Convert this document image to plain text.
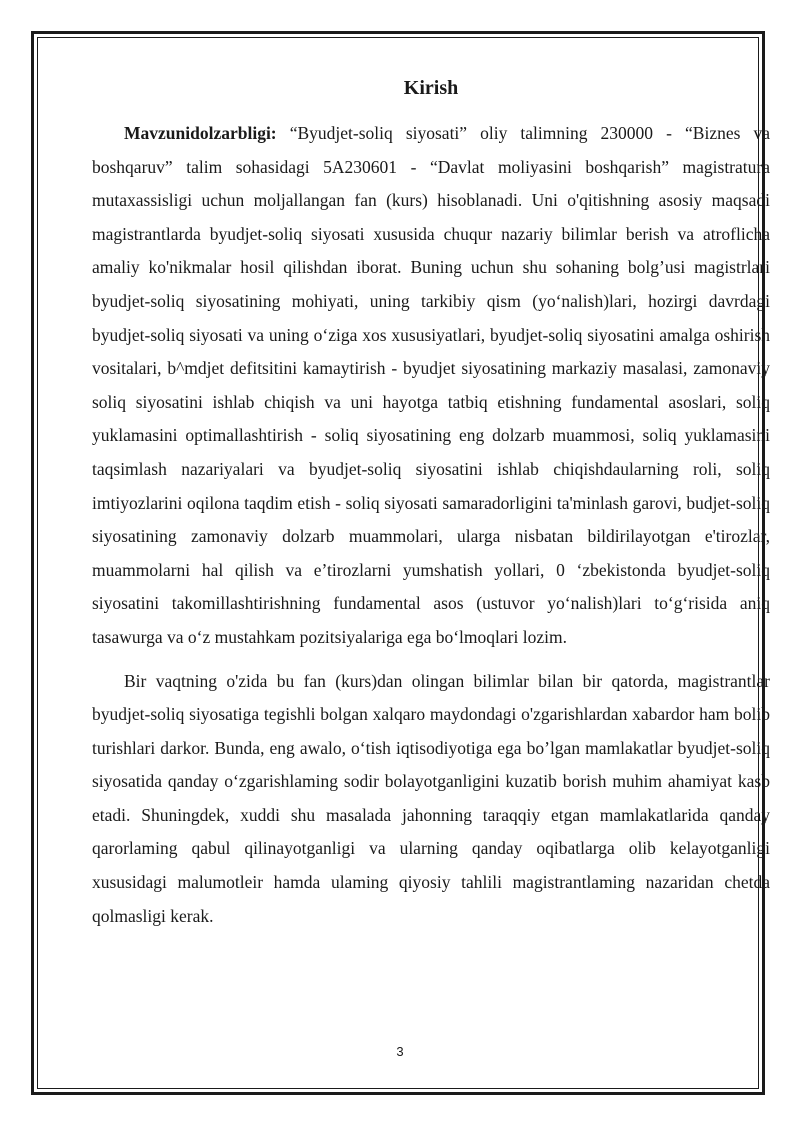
Kirish

Mavzunidolzarbligi: “Byudjet-soliq siyosati” oliy talimning 230000 - “Biznes va boshqaruv” talim sohasidagi 5A230601 - “Davlat moliyasini boshqarish” magistratura mutaxassisligi uchun moljallangan fan (kurs) hisoblanadi. Uni o'qitishning asosiy maqsadi magistrantlarda byudjet-soliq siyosati xususida chuqur nazariy bilimlar berish va atroflicha amaliy ko'nikmalar hosil qilishdan iborat. Buning uchun shu sohaning bolg’usi magistrlari byudjet-soliq siyosatining mohiyati, uning tarkibiy qism (yo‘nalish)lari, hozirgi davrdagi byudjet-soliq siyosati va uning o‘ziga xos xususiyatlari, byudjet-soliq siyosatini amalga oshirish vositalari, b^mdjet defitsitini kamaytirish - byudjet siyosatining markaziy masalasi, zamonaviy soliq siyosatini ishlab chiqish va uni hayotga tatbiq etishning fundamental asoslari, soliq yuklamasini optimallashtirish - soliq siyosatining eng dolzarb muammosi, soliq yuklamasini taqsimlash nazariyalari va byudjet-soliq siyosatini ishlab chiqishdaularning roli, soliq imtiyozlarini oqilona taqdim etish - soliq siyosati samaradorligini ta'minlash garovi, budjet-soliq siyosatining zamonaviy dolzarb muammolari, ularga nisbatan bildirilayotgan e'tirozlar, muammolarni hal qilish va e’tirozlarni yumshatish yollari, 0 ‘zbekistonda byudjet-soliq siyosatini takomillashtirishning fundamental asos (ustuvor yo‘nalish)lari to‘g‘risida aniq tasawurga va o‘z mustahkam pozitsiyalariga ega bo‘lmoqlari lozim.

Bir vaqtning o'zida bu fan (kurs)dan olingan bilimlar bilan bir qatorda, magistrantlar byudjet-soliq siyosatiga tegishli bolgan xalqaro maydondagi o'zgarishlardan xabardor ham bolib turishlari darkor. Bunda, eng awalo, o‘tish iqtisodiyotiga ega bo’lgan mamlakatlar byudjet-soliq siyosatida qanday o‘zgarishlaming sodir bolayotganligini kuzatib borish muhim ahamiyat kasb etadi. Shuningdek, xuddi shu masalada jahonning taraqqiy etgan mamlakatlarida qanday qarorlaming qabul qilinayotganligi va ularning qanday oqibatlarga olib kelayotganligi xususidagi malumotleir hamda ulaming qiyosiy tahlili magistrantlaming nazaridan chetda qolmasligi kerak.

3
